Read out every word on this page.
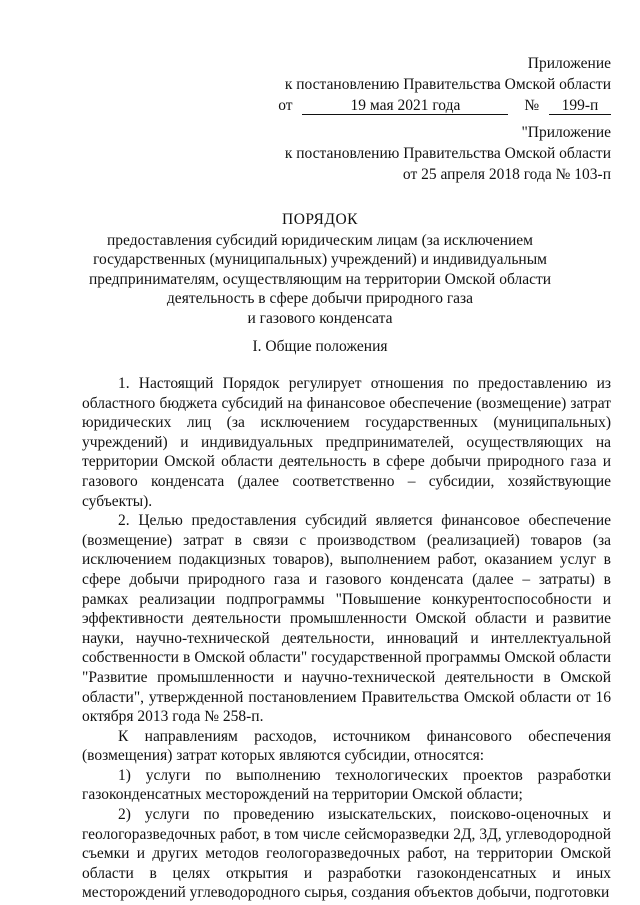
Приложение
к постановлению Правительства Омской области
от	19 мая 2021 года	№ 199-п
"Приложение
к постановлению Правительства Омской области
от 25 апреля 2018 года № 103-п
ПОРЯДОК
предоставления субсидий юридическим лицам (за исключением
государственных (муниципальных) учреждений) и индивидуальным
предпринимателям, осуществляющим на территории Омской области
деятельность в сфере добычи природного газа
и газового конденсата
I. Общие положения

1. Настоящий Порядок регулирует отношения по предоставлению из областного бюджета субсидий на финансовое обеспечение (возмещение) затрат юридических лиц (за исключением государственных (муниципальных) учреждений) и индивидуальных предпринимателей, осуществляющих на территории Омской области деятельность в сфере добычи природного газа и газового конденсата (далее соответственно – субсидии, хозяйствующие субъекты).

2. Целью предоставления субсидий является финансовое обеспечение (возмещение) затрат в связи с производством (реализацией) товаров (за исключением подакцизных товаров), выполнением работ, оказанием услуг в сфере добычи природного газа и газового конденсата (далее – затраты) в рамках реализации подпрограммы "Повышение конкурентоспособности и эффективности деятельности промышленности Омской области и развитие науки, научно-технической деятельности, инноваций и интеллектуальной собственности в Омской области" государственной программы Омской области "Развитие промышленности и научно-технической деятельности в Омской области", утвержденной постановлением Правительства Омской области от 16 октября 2013 года № 258-п.

К направлениям расходов, источником финансового обеспечения (возмещения) затрат которых являются субсидии, относятся:

1) услуги по выполнению технологических проектов разработки газоконденсатных месторождений на территории Омской области;

2) услуги по проведению изыскательских, поисково-оценочных и геологоразведочных работ, в том числе сейсморазведки 2Д, 3Д, углеводородной съемки и других методов геологоразведочных работ, на территории Омской области в целях открытия и разработки газоконденсатных и иных месторождений углеводородного сырья, создания объектов добычи, подготовки
